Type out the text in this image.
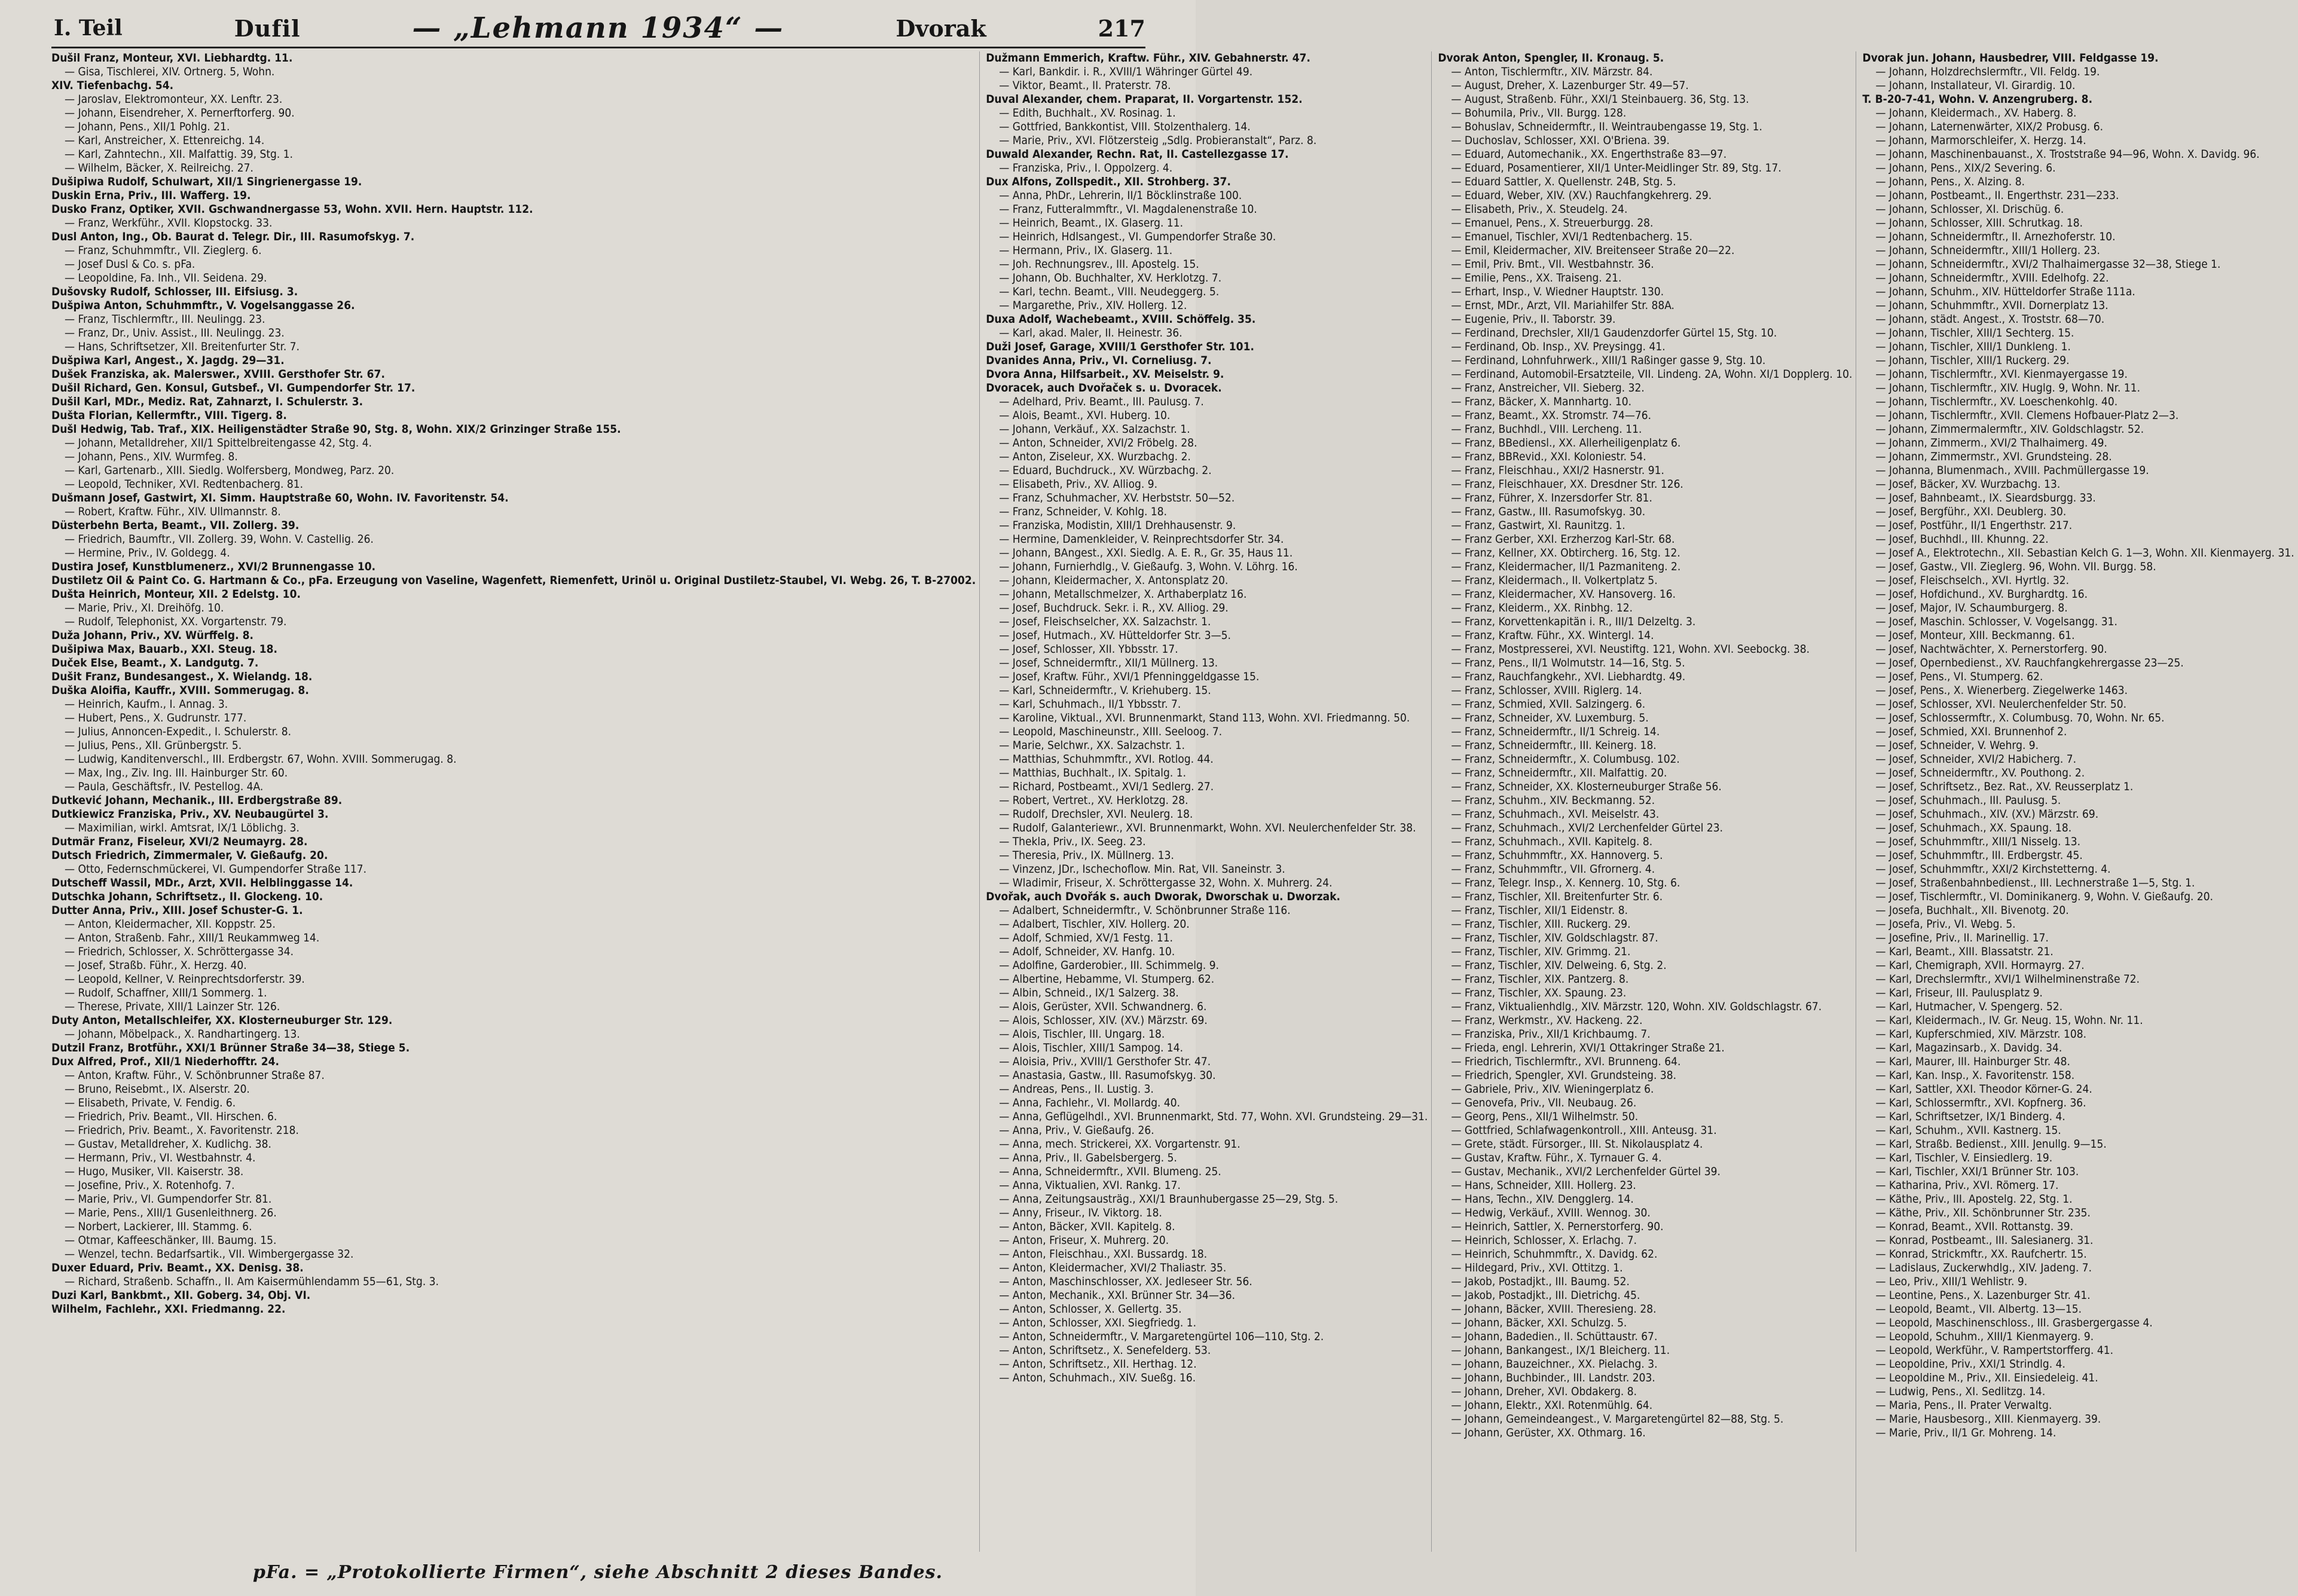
I. Teil	Dufil	— „Lehmann 1934“ —	Dvorak	217
Dušil Franz, Monteur, XVI. Liebhardtg. 11.
— Gisa, Tischlerei, XIV. Ortnerg. 5, Wohn.
XIV. Tiefenbachg. 54.
— Jaroslav, Elektromonteur, XX. Lenftr. 23.
— Johann, Eisendreher, X. Pernerftorferg. 90.
— Johann, Pens., XII/1 Pohlg. 21.
— Karl, Anstreicher, X. Ettenreichg. 14.
— Karl, Zahntechn., XII. Malfattig. 39, Stg. 1.
— Wilhelm, Bäcker, X. Reilreichg. 27.
Dušipiwa Rudolf, Schulwart, XII/1 Singrienergasse 19.
Duskin Erna, Priv., III. Wafferg. 19.
Dusko Franz, Optiker, XVII. Gschwandnergasse 53, Wohn. XVII. Hern. Hauptstr. 112.
— Franz, Werkführ., XVII. Klopstockg. 33.
Dusl Anton, Ing., Ob. Baurat d. Telegr. Dir., III. Rasumofskyg. 7.
— Franz, Schuhmmftr., VII. Zieglerg. 6.
— Josef Dusl & Co. s. pFa.
— Leopoldine, Fa. Inh., VII. Seidena. 29.
Dušovsky Rudolf, Schlosser, III. Eifsiusg. 3.
Dušpiwa Anton, Schuhmmftr., V. Vogelsanggasse 26.
— Franz, Tischlermftr., III. Neulingg. 23.
— Franz, Dr., Univ. Assist., III. Neulingg. 23.
— Hans, Schriftsetzer, XII. Breitenfurter Str. 7.
Dušpiwa Karl, Angest., X. Jagdg. 29—31.
Dušek Franziska, ak. Malerswer., XVIII. Gersthofer Str. 67.
Dušil Richard, Gen. Konsul, Gutsbef., VI. Gumpendorfer Str. 17.
Dušil Karl, MDr., Mediz. Rat, Zahnarzt, I. Schulerstr. 3.
Dušta Florian, Kellermftr., VIII. Tigerg. 8.
Dušl Hedwig, Tab. Traf., XIX. Heiligenstädter Straße 90, Stg. 8, Wohn. XIX/2 Grinzinger Straße 155.
— Johann, Metalldreher, XII/1 Spittelbreitengasse 42, Stg. 4.
— Johann, Pens., XIV. Wurmfeg. 8.
— Karl, Gartenarb., XIII. Siedlg. Wolfersberg, Mondweg, Parz. 20.
— Leopold, Techniker, XVI. Redtenbacherg. 81.
Dušmann Josef, Gastwirt, XI. Simm. Hauptstraße 60, Wohn. IV. Favoritenstr. 54.
— Robert, Kraftw. Führ., XIV. Ullmannstr. 8.
Düsterbehn Berta, Beamt., VII. Zollerg. 39.
— Friedrich, Baumftr., VII. Zollerg. 39, Wohn. V. Castellig. 26.
— Hermine, Priv., IV. Goldegg. 4.
Dustira Josef, Kunstblumenerz., XVI/2 Brunnengasse 10.
Dustiletz Oil & Paint Co. G. Hartmann & Co., pFa. Erzeugung von Vaseline, Wagenfett, Riemenfett, Urinöl u. Original Dustiletz-Staubel, VI. Webg. 26, T. B-27002.
Dušta Heinrich, Monteur, XII. 2 Edelstg. 10.
— Marie, Priv., XI. Dreihöfg. 10.
— Rudolf, Telephonist, XX. Vorgartenstr. 79.
Duža Johann, Priv., XV. Würffelg. 8.
Dušipiwa Max, Bauarb., XXI. Steug. 18.
Duček Else, Beamt., X. Landgutg. 7.
Dušit Franz, Bundesangest., X. Wielandg. 18.
Duška Aloifia, Kauffr., XVIII. Sommerugag. 8.
— Heinrich, Kaufm., I. Annag. 3.
— Hubert, Pens., X. Gudrunstr. 177.
— Julius, Annoncen-Expedit., I. Schulerstr. 8.
— Julius, Pens., XII. Grünbergstr. 5.
— Ludwig, Kanditenverschl., III. Erdbergstr. 67, Wohn. XVIII. Sommerugag. 8.
— Max, Ing., Ziv. Ing. III. Hainburger Str. 60.
— Paula, Geschäftsfr., IV. Pestellog. 4A.
Dutkević Johann, Mechanik., III. Erdbergstraße 89.
Dutkiewicz Franziska, Priv., XV. Neubaugürtel 3.
— Maximilian, wirkl. Amtsrat, IX/1 Löblichg. 3.
Dutmär Franz, Fiseleur, XVI/2 Neumayrg. 28.
Dutsch Friedrich, Zimmermaler, V. Gießaufg. 20.
— Otto, Federnschmückerei, VI. Gumpendorfer Straße 117.
Dutscheff Wassil, MDr., Arzt, XVII. Helblinggasse 14.
Dutschka Johann, Schriftsetz., II. Glockeng. 10.
Dutter Anna, Priv., XIII. Josef Schuster-G. 1.
— Anton, Kleidermacher, XII. Koppstr. 25.
— Anton, Straßenb. Fahr., XIII/1 Reukammweg 14.
— Friedrich, Schlosser, X. Schröttergasse 34.
— Josef, Straßb. Führ., X. Herzg. 40.
— Leopold, Kellner, V. Reinprechtsdorferstr. 39.
— Rudolf, Schaffner, XIII/1 Sommerg. 1.
— Therese, Private, XIII/1 Lainzer Str. 126.
Duty Anton, Metallschleifer, XX. Klosterneuburger Str. 129.
— Johann, Möbelpack., X. Randhartingerg. 13.
Dutzil Franz, Brotführ., XXI/1 Brünner Straße 34—38, Stiege 5.
Dux Alfred, Prof., XII/1 Niederhofftr. 24.
— Anton, Kraftw. Führ., V. Schönbrunner Straße 87.
— Bruno, Reisebmt., IX. Alserstr. 20.
— Elisabeth, Private, V. Fendig. 6.
— Friedrich, Priv. Beamt., VII. Hirschen. 6.
— Friedrich, Priv. Beamt., X. Favoritenstr. 218.
— Gustav, Metalldreher, X. Kudlichg. 38.
— Hermann, Priv., VI. Westbahnstr. 4.
— Hugo, Musiker, VII. Kaiserstr. 38.
— Josefine, Priv., X. Rotenhofg. 7.
— Marie, Priv., VI. Gumpendorfer Str. 81.
— Marie, Pens., XIII/1 Gusenleithnerg. 26.
— Norbert, Lackierer, III. Stammg. 6.
— Otmar, Kaffeeschänker, III. Baumg. 15.
— Wenzel, techn. Bedarfsartik., VII. Wimbergergasse 32.
Duxer Eduard, Priv. Beamt., XX. Denisg. 38.
— Richard, Straßenb. Schaffn., II. Am Kaisermühlendamm 55—61, Stg. 3.
Duzi Karl, Bankbmt., XII. Goberg. 34, Obj. VI.
Wilhelm, Fachlehr., XXI. Friedmanng. 22.
Dužmann Emmerich, Kraftw. Führ., XIV. Gebahnerstr. 47.
— Karl, Bankdir. i. R., XVIII/1 Währinger Gürtel 49.
— Viktor, Beamt., II. Praterstr. 78.
Duval Alexander, chem. Praparat, II. Vorgartenstr. 152.
— Edith, Buchhalt., XV. Rosinag. 1.
— Gottfried, Bankkontist, VIII. Stolzenthalerg. 14.
— Marie, Priv., XVI. Flötzersteig „Sdlg. Probieranstalt“, Parz. 8.
Duwald Alexander, Rechn. Rat, II. Castellezgasse 17.
— Franziska, Priv., I. Oppolzerg. 4.
Dux Alfons, Zollspedit., XII. Strohberg. 37.
— Anna, PhDr., Lehrerin, II/1 Böcklinstraße 100.
— Franz, Futteralmmftr., VI. Magdalenenstraße 10.
— Heinrich, Beamt., IX. Glaserg. 11.
— Heinrich, Hdlsangest., VI. Gumpendorfer Straße 30.
— Hermann, Priv., IX. Glaserg. 11.
— Joh. Rechnungsrev., III. Apostelg. 15.
— Johann, Ob. Buchhalter, XV. Herklotzg. 7.
— Karl, techn. Beamt., VIII. Neudeggerg. 5.
— Margarethe, Priv., XIV. Hollerg. 12.
Duxa Adolf, Wachebeamt., XVIII. Schöffelg. 35.
— Karl, akad. Maler, II. Heinestr. 36.
Duži Josef, Garage, XVIII/1 Gersthofer Str. 101.
Dvanides Anna, Priv., VI. Corneliusg. 7.
Dvora Anna, Hilfsarbeit., XV. Meiselstr. 9.
Dvoracek, auch Dvořaček s. u. Dvoracek.
— Adelhard, Priv. Beamt., III. Paulusg. 7.
— Alois, Beamt., XVI. Huberg. 10.
— Johann, Verkäuf., XX. Salzachstr. 1.
— Anton, Schneider, XVI/2 Fröbelg. 28.
— Anton, Ziseleur, XX. Wurzbachg. 2.
— Eduard, Buchdruck., XV. Würzbachg. 2.
— Elisabeth, Priv., XV. Alliog. 9.
— Franz, Schuhmacher, XV. Herbststr. 50—52.
— Franz, Schneider, V. Kohlg. 18.
— Franziska, Modistin, XIII/1 Drehhausenstr. 9.
— Hermine, Damenkleider, V. Reinprechtsdorfer Str. 34.
— Johann, BAngest., XXI. Siedlg. A. E. R., Gr. 35, Haus 11.
— Johann, Furnierhdlg., V. Gießaufg. 3, Wohn. V. Löhrg. 16.
— Johann, Kleidermacher, X. Antonsplatz 20.
— Johann, Metallschmelzer, X. Arthaberplatz 16.
— Josef, Buchdruck. Sekr. i. R., XV. Alliog. 29.
— Josef, Fleischselcher, XX. Salzachstr. 1.
— Josef, Hutmach., XV. Hütteldorfer Str. 3—5.
— Josef, Schlosser, XII. Ybbsstr. 17.
— Josef, Schneidermftr., XII/1 Müllnerg. 13.
— Josef, Kraftw. Führ., XVI/1 Pfenninggeldgasse 15.
— Karl, Schneidermftr., V. Kriehuberg. 15.
— Karl, Schuhmach., II/1 Ybbsstr. 7.
— Karoline, Viktual., XVI. Brunnenmarkt, Stand 113, Wohn. XVI. Friedmanng. 50.
— Leopold, Maschineunstr., XIII. Seeloog. 7.
— Marie, Selchwr., XX. Salzachstr. 1.
— Matthias, Schuhmmftr., XVI. Rotlog. 44.
— Matthias, Buchhalt., IX. Spitalg. 1.
— Richard, Postbeamt., XVI/1 Sedlerg. 27.
— Robert, Vertret., XV. Herklotzg. 28.
— Rudolf, Drechsler, XVI. Neulerg. 18.
— Rudolf, Galanteriewr., XVI. Brunnenmarkt, Wohn. XVI. Neulerchenfelder Str. 38.
— Thekla, Priv., IX. Seeg. 23.
— Theresia, Priv., IX. Müllnerg. 13.
— Vinzenz, JDr., Ischechoflow. Min. Rat, VII. Saneinstr. 3.
— Wladimir, Friseur, X. Schröttergasse 32, Wohn. X. Muhrerg. 24.
Dvořak, auch Dvořák s. auch Dworak, Dworschak u. Dworzak.
— Adalbert, Schneidermftr., V. Schönbrunner Straße 116.
— Adalbert, Tischler, XIV. Hollerg. 20.
— Adolf, Schmied, XV/1 Festg. 11.
— Adolf, Schneider, XV. Hanfg. 10.
— Adolfine, Garderobier., III. Schimmelg. 9.
— Albertine, Hebamme, VI. Stumperg. 62.
— Albin, Schneid., IX/1 Salzerg. 38.
— Alois, Gerüster, XVII. Schwandnerg. 6.
— Alois, Schlosser, XIV. (XV.) Märzstr. 69.
— Alois, Tischler, III. Ungarg. 18.
— Alois, Tischler, XIII/1 Sampog. 14.
— Aloisia, Priv., XVIII/1 Gersthofer Str. 47.
— Anastasia, Gastw., III. Rasumofskyg. 30.
— Andreas, Pens., II. Lustig. 3.
— Anna, Fachlehr., VI. Mollardg. 40.
— Anna, Geflügelhdl., XVI. Brunnenmarkt, Std. 77, Wohn. XVI. Grundsteing. 29—31.
— Anna, Priv., V. Gießaufg. 26.
— Anna, mech. Strickerei, XX. Vorgartenstr. 91.
— Anna, Priv., II. Gabelsbergerg. 5.
— Anna, Schneidermftr., XVII. Blumeng. 25.
— Anna, Viktualien, XVI. Rankg. 17.
— Anna, Zeitungsausträg., XXI/1 Braunhubergasse 25—29, Stg. 5.
— Anny, Friseur., IV. Viktorg. 18.
— Anton, Bäcker, XVII. Kapitelg. 8.
— Anton, Friseur, X. Muhrerg. 20.
— Anton, Fleischhau., XXI. Bussardg. 18.
— Anton, Kleidermacher, XVI/2 Thaliastr. 35.
— Anton, Maschinschlosser, XX. Jedleseer Str. 56.
— Anton, Mechanik., XXI. Brünner Str. 34—36.
— Anton, Schlosser, X. Gellertg. 35.
— Anton, Schlosser, XXI. Siegfriedg. 1.
— Anton, Schneidermftr., V. Margaretengürtel 106—110, Stg. 2.
— Anton, Schriftsetz., X. Senefelderg. 53.
— Anton, Schriftsetz., XII. Herthag. 12.
— Anton, Schuhmach., XIV. Sueßg. 16.
Dvorak Anton, Spengler, II. Kronaug. 5.
— Anton, Tischlermftr., XIV. Märzstr. 84.
— August, Dreher, X. Lazenburger Str. 49—57.
— August, Straßenb. Führ., XXI/1 Steinbauerg. 36, Stg. 13.
— Bohumila, Priv., VII. Burgg. 128.
— Bohuslav, Schneidermftr., II. Weintraubengasse 19, Stg. 1.
— Duchoslav, Schlosser, XXI. O'Briena. 39.
— Eduard, Automechanik., XX. Engerthstraße 83—97.
— Eduard, Posamentierer, XII/1 Unter-Meidlinger Str. 89, Stg. 17.
— Eduard Sattler, X. Quellenstr. 24B, Stg. 5.
— Eduard, Weber, XIV. (XV.) Rauchfangkehrerg. 29.
— Elisabeth, Priv., X. Steudelg. 24.
— Emanuel, Pens., X. Streuerburgg. 28.
— Emanuel, Tischler, XVI/1 Redtenbacherg. 15.
— Emil, Kleidermacher, XIV. Breitenseer Straße 20—22.
— Emil, Priv. Bmt., VII. Westbahnstr. 36.
— Emilie, Pens., XX. Traiseng. 21.
— Erhart, Insp., V. Wiedner Hauptstr. 130.
— Ernst, MDr., Arzt, VII. Mariahilfer Str. 88A.
— Eugenie, Priv., II. Taborstr. 39.
— Ferdinand, Drechsler, XII/1 Gaudenzdorfer Gürtel 15, Stg. 10.
— Ferdinand, Ob. Insp., XV. Preysingg. 41.
— Ferdinand, Lohnfuhrwerk., XIII/1 Raßinger gasse 9, Stg. 10.
— Ferdinand, Automobil-Ersatzteile, VII. Lindeng. 2A, Wohn. XI/1 Dopplerg. 10.
— Franz, Anstreicher, VII. Sieberg. 32.
— Franz, Bäcker, X. Mannhartg. 10.
— Franz, Beamt., XX. Stromstr. 74—76.
— Franz, Buchhdl., VIII. Lercheng. 11.
— Franz, BBediensl., XX. Allerheiligenplatz 6.
— Franz, BBRevid., XXI. Koloniestr. 54.
— Franz, Fleischhau., XXI/2 Hasnerstr. 91.
— Franz, Fleischhauer, XX. Dresdner Str. 126.
— Franz, Führer, X. Inzersdorfer Str. 81.
— Franz, Gastw., III. Rasumofskyg. 30.
— Franz, Gastwirt, XI. Raunitzg. 1.
— Franz Gerber, XXI. Erzherzog Karl-Str. 68.
— Franz, Kellner, XX. Obtircherg. 16, Stg. 12.
— Franz, Kleidermacher, II/1 Pazmaniteng. 2.
— Franz, Kleidermach., II. Volkertplatz 5.
— Franz, Kleidermacher, XV. Hansoverg. 16.
— Franz, Kleiderm., XX. Rinbhg. 12.
— Franz, Korvettenkapitän i. R., III/1 Delzeltg. 3.
— Franz, Kraftw. Führ., XX. Wintergl. 14.
— Franz, Mostpresserei, XVI. Neustiftg. 121, Wohn. XVI. Seebockg. 38.
— Franz, Pens., II/1 Wolmutstr. 14—16, Stg. 5.
— Franz, Rauchfangkehr., XVI. Liebhardtg. 49.
— Franz, Schlosser, XVIII. Riglerg. 14.
— Franz, Schmied, XVII. Salzingerg. 6.
— Franz, Schneider, XV. Luxemburg. 5.
— Franz, Schneidermftr., II/1 Schreig. 14.
— Franz, Schneidermftr., III. Keinerg. 18.
— Franz, Schneidermftr., X. Columbusg. 102.
— Franz, Schneidermftr., XII. Malfattig. 20.
— Franz, Schneider, XX. Klosterneuburger Straße 56.
— Franz, Schuhm., XIV. Beckmanng. 52.
— Franz, Schuhmach., XVI. Meiselstr. 43.
— Franz, Schuhmach., XVI/2 Lerchenfelder Gürtel 23.
— Franz, Schuhmach., XVII. Kapitelg. 8.
— Franz, Schuhmmftr., XX. Hannoverg. 5.
— Franz, Schuhmmftr., VII. Gfrornerg. 4.
— Franz, Telegr. Insp., X. Kennerg. 10, Stg. 6.
— Franz, Tischler, XII. Breitenfurter Str. 6.
— Franz, Tischler, XII/1 Eidenstr. 8.
— Franz, Tischler, XIII. Ruckerg. 29.
— Franz, Tischler, XIV. Goldschlagstr. 87.
— Franz, Tischler, XIV. Grimmg. 21.
— Franz, Tischler, XIV. Delweing. 6, Stg. 2.
— Franz, Tischler, XIX. Pantzerg. 8.
— Franz, Tischler, XX. Spaung. 23.
— Franz, Viktualienhdlg., XIV. Märzstr. 120, Wohn. XIV. Goldschlagstr. 67.
— Franz, Werkmstr., XV. Hackeng. 22.
— Franziska, Priv., XII/1 Krichbaumg. 7.
— Frieda, engl. Lehrerin, XVI/1 Ottakringer Straße 21.
— Friedrich, Tischlermftr., XVI. Brunneng. 64.
— Friedrich, Spengler, XVI. Grundsteing. 38.
— Gabriele, Priv., XIV. Wieningerplatz 6.
— Genovefa, Priv., VII. Neubaug. 26.
— Georg, Pens., XII/1 Wilhelmstr. 50.
— Gottfried, Schlafwagenkontroll., XIII. Anteusg. 31.
— Grete, städt. Fürsorger., III. St. Nikolausplatz 4.
— Gustav, Kraftw. Führ., X. Tyrnauer G. 4.
— Gustav, Mechanik., XVI/2 Lerchenfelder Gürtel 39.
— Hans, Schneider, XIII. Hollerg. 23.
— Hans, Techn., XIV. Dengglerg. 14.
— Hedwig, Verkäuf., XVIII. Wennog. 30.
— Heinrich, Sattler, X. Pernerstorferg. 90.
— Heinrich, Schlosser, X. Erlachg. 7.
— Heinrich, Schuhmmftr., X. Davidg. 62.
— Hildegard, Priv., XVI. Ottitzg. 1.
— Jakob, Postadjkt., III. Baumg. 52.
— Jakob, Postadjkt., III. Dietrichg. 45.
— Johann, Bäcker, XVIII. Theresieng. 28.
— Johann, Bäcker, XXI. Schulzg. 5.
— Johann, Badedien., II. Schüttaustr. 67.
— Johann, Bankangest., IX/1 Bleicherg. 11.
— Johann, Bauzeichner., XX. Pielachg. 3.
— Johann, Buchbinder., III. Landstr. 203.
— Johann, Dreher, XVI. Obdakerg. 8.
— Johann, Elektr., XXI. Rotenmühlg. 64.
— Johann, Gemeindeangest., V. Margaretengürtel 82—88, Stg. 5.
— Johann, Gerüster, XX. Othmarg. 16.
Dvorak jun. Johann, Hausbedrer, VIII. Feldgasse 19.
— Johann, Holzdrechslermftr., VII. Feldg. 19.
— Johann, Installateur, VI. Girardig. 10.
T. B-20-7-41, Wohn. V. Anzengruberg. 8.
— Johann, Kleidermach., XV. Haberg. 8.
— Johann, Laternenwärter, XIX/2 Probusg. 6.
— Johann, Marmorschleifer, X. Herzg. 14.
— Johann, Maschinenbauanst., X. Troststraße 94—96, Wohn. X. Davidg. 96.
— Johann, Pens., XIX/2 Severing. 6.
— Johann, Pens., X. Alzing. 8.
— Johann, Postbeamt., II. Engerthstr. 231—233.
— Johann, Schlosser, XI. Drischüg. 6.
— Johann, Schlosser, XIII. Schrutkag. 18.
— Johann, Schneidermftr., II. Arnezhoferstr. 10.
— Johann, Schneidermftr., XIII/1 Hollerg. 23.
— Johann, Schneidermftr., XVI/2 Thalhaimergasse 32—38, Stiege 1.
— Johann, Schneidermftr., XVIII. Edelhofg. 22.
— Johann, Schuhm., XIV. Hütteldorfer Straße 111a.
— Johann, Schuhmmftr., XVII. Dornerplatz 13.
— Johann, städt. Angest., X. Troststr. 68—70.
— Johann, Tischler, XIII/1 Sechterg. 15.
— Johann, Tischler, XIII/1 Dunkleng. 1.
— Johann, Tischler, XIII/1 Ruckerg. 29.
— Johann, Tischlermftr., XVI. Kienmayergasse 19.
— Johann, Tischlermftr., XIV. Huglg. 9, Wohn. Nr. 11.
— Johann, Tischlermftr., XV. Loeschenkohlg. 40.
— Johann, Tischlermftr., XVII. Clemens Hofbauer-Platz 2—3.
— Johann, Zimmermalermftr., XIV. Goldschlagstr. 52.
— Johann, Zimmerm., XVI/2 Thalhaimerg. 49.
— Johann, Zimmermstr., XVI. Grundsteing. 28.
— Johanna, Blumenmach., XVIII. Pachmüllergasse 19.
— Josef, Bäcker, XV. Wurzbachg. 13.
— Josef, Bahnbeamt., IX. Sieardsburgg. 33.
— Josef, Bergführ., XXI. Deublerg. 30.
— Josef, Postführ., II/1 Engerthstr. 217.
— Josef, Buchhdl., III. Khunng. 22.
— Josef A., Elektrotechn., XII. Sebastian Kelch G. 1—3, Wohn. XII. Kienmayerg. 31.
— Josef, Gastw., VII. Zieglerg. 96, Wohn. VII. Burgg. 58.
— Josef, Fleischselch., XVI. Hyrtlg. 32.
— Josef, Hofdichund., XV. Burghardtg. 16.
— Josef, Major, IV. Schaumburgerg. 8.
— Josef, Maschin. Schlosser, V. Vogelsangg. 31.
— Josef, Monteur, XIII. Beckmanng. 61.
— Josef, Nachtwächter, X. Pernerstorferg. 90.
— Josef, Opernbedienst., XV. Rauchfangkehrergasse 23—25.
— Josef, Pens., VI. Stumperg. 62.
— Josef, Pens., X. Wienerberg. Ziegelwerke 1463.
— Josef, Schlosser, XVI. Neulerchenfelder Str. 50.
— Josef, Schlossermftr., X. Columbusg. 70, Wohn. Nr. 65.
— Josef, Schmied, XXI. Brunnenhof 2.
— Josef, Schneider, V. Wehrg. 9.
— Josef, Schneider, XVI/2 Habicherg. 7.
— Josef, Schneidermftr., XV. Pouthong. 2.
— Josef, Schriftsetz., Bez. Rat., XV. Reusserplatz 1.
— Josef, Schuhmach., III. Paulusg. 5.
— Josef, Schuhmach., XIV. (XV.) Märzstr. 69.
— Josef, Schuhmach., XX. Spaung. 18.
— Josef, Schuhmmftr., XIII/1 Nisselg. 13.
— Josef, Schuhmmftr., III. Erdbergstr. 45.
— Josef, Schuhmmftr., XXI/2 Kirchstetterng. 4.
— Josef, Straßenbahnbedienst., III. Lechnerstraße 1—5, Stg. 1.
— Josef, Tischlermftr., VI. Dominikanerg. 9, Wohn. V. Gießaufg. 20.
— Josefa, Buchhalt., XII. Bivenotg. 20.
— Josefa, Priv., VI. Webg. 5.
— Josefine, Priv., II. Marinellig. 17.
— Karl, Beamt., XIII. Blassatstr. 21.
— Karl, Chemigraph, XVII. Hormayrg. 27.
— Karl, Drechslermftr., XVI/1 Wilhelminenstraße 72.
— Karl, Friseur, III. Paulusplatz 9.
— Karl, Hutmacher, V. Spengerg. 52.
— Karl, Kleidermach., IV. Gr. Neug. 15, Wohn. Nr. 11.
— Karl, Kupferschmied, XIV. Märzstr. 108.
— Karl, Magazinsarb., X. Davidg. 34.
— Karl, Maurer, III. Hainburger Str. 48.
— Karl, Kan. Insp., X. Favoritenstr. 158.
— Karl, Sattler, XXI. Theodor Körner-G. 24.
— Karl, Schlossermftr., XVI. Kopfnerg. 36.
— Karl, Schriftsetzer, IX/1 Binderg. 4.
— Karl, Schuhm., XVII. Kastnerg. 15.
— Karl, Straßb. Bedienst., XIII. Jenullg. 9—15.
— Karl, Tischler, V. Einsiedlerg. 19.
— Karl, Tischler, XXI/1 Brünner Str. 103.
— Katharina, Priv., XVI. Römerg. 17.
— Käthe, Priv., III. Apostelg. 22, Stg. 1.
— Käthe, Priv., XII. Schönbrunner Str. 235.
— Konrad, Beamt., XVII. Rottanstg. 39.
— Konrad, Postbeamt., III. Salesianerg. 31.
— Konrad, Strickmftr., XX. Raufchertr. 15.
— Ladislaus, Zuckerwhdlg., XIV. Jadeng. 7.
— Leo, Priv., XIII/1 Wehlistr. 9.
— Leontine, Pens., X. Lazenburger Str. 41.
— Leopold, Beamt., VII. Albertg. 13—15.
— Leopold, Maschinenschloss., III. Grasbergergasse 4.
— Leopold, Schuhm., XIII/1 Kienmayerg. 9.
— Leopold, Werkführ., V. Rampertstorfferg. 41.
— Leopoldine, Priv., XXI/1 Strindlg. 4.
— Leopoldine M., Priv., XII. Einsiedeleig. 41.
— Ludwig, Pens., XI. Sedlitzg. 14.
— Maria, Pens., II. Prater Verwaltg.
— Marie, Hausbesorg., XIII. Kienmayerg. 39.
— Marie, Priv., II/1 Gr. Mohreng. 14.
pFa. = „Protokollierte Firmen“, siehe Abschnitt 2 dieses Bandes.
